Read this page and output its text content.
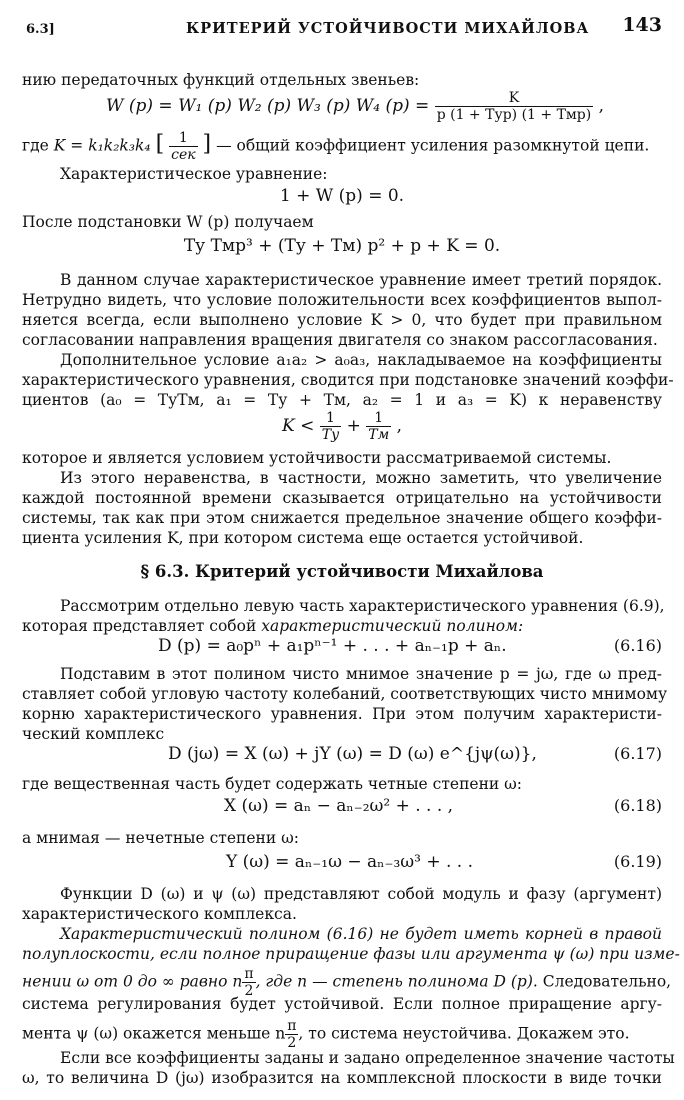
6.3]	КРИТЕРИЙ УСТОЙЧИВОСТИ МИХАЙЛОВА 143
нию передаточных функций отдельных звеньев:
W (p) = W₁ (p) W₂ (p) W₃ (p) W₄ $(p) = \frac{K}{\text{p (1 + Tуp) (1 + Tмp)}}$ ,
где K = k₁k₂k₃k₄ [ $\frac{1}{\text{сек}}$ ] — общий коэффициент усиления разомкнутой цепи.
Характеристическое уравнение:
1 + W (p) = 0.
После подстановки W (p) получаем
Tу Tмp³ + (Tу + Tм) p² + p + K = 0.
В данном случае характеристическое уравнение имеет третий порядок.
Нетрудно видеть, что условие положительности всех коэффициентов выпол-
няется всегда, если выполнено условие K > 0, что будет при правильном
согласовании направления вращения двигателя со знаком рассогласования.
Дополнительное условие a₁a₂ > a₀a₃, накладываемое на коэффициенты
характеристического уравнения, сводится при подстановке значений коэффи-
циентов (a₀ = TуTм, a₁ = Tу + Tм, a₂ = 1 и a₃ = K) к неравенству
$K < \frac{1}{Tу} + \frac{1}{Tм}$ ,
которое и является условием устойчивости рассматриваемой системы.
Из этого неравенства, в частности, можно заметить, что увеличение
каждой постоянной времени сказывается отрицательно на устойчивости
системы, так как при этом снижается предельное значение общего коэффи-
циента усиления K, при котором система еще остается устойчивой.
§ 6.3. Критерий устойчивости Михайлова
Рассмотрим отдельно левую часть характеристического уравнения (6.9),
которая представляет собой характеристический полином:
D (p) = a₀pⁿ + a₁pⁿ⁻¹ + . . . + aₙ₋₁p + aₙ.	(6.16)
Подставим в этот полином чисто мнимое значение p = jω, где ω пред-
ставляет собой угловую частоту колебаний, соответствующих чисто мнимому
корню характеристического уравнения. При этом получим характеристи-
ческий комплекс
D (jω) = X (ω) + jY (ω) = D (ω) e^{jψ(ω)},	(6.17)
где вещественная часть будет содержать четные степени ω:
X (ω) = aₙ − aₙ₋₂ω² + . . . ,	(6.18)
а мнимая — нечетные степени ω:
Y (ω) = aₙ₋₁ω − aₙ₋₃ω³ + . . .	(6.19)
Функции D (ω) и ψ (ω) представляют собой модуль и фазу (аргумент)
характеристического комплекса.
Характеристический полином (6.16) не будет иметь корней в правой
полуплоскости, если полное приращение фазы или аргумента ψ (ω) при изме-
нении ω от 0 до ∞ равно n $\frac{\pi}{2}$ , где n — степень полинома D (p). Следовательно,
система регулирования будет устойчивой. Если полное приращение аргу-
мента ψ (ω) окажется меньше n $\frac{\pi}{2}$ , то система неустойчива. Докажем это.
Если все коэффициенты заданы и задано определенное значение частоты
ω, то величина D (jω) изобразится на комплексной плоскости в виде точки
